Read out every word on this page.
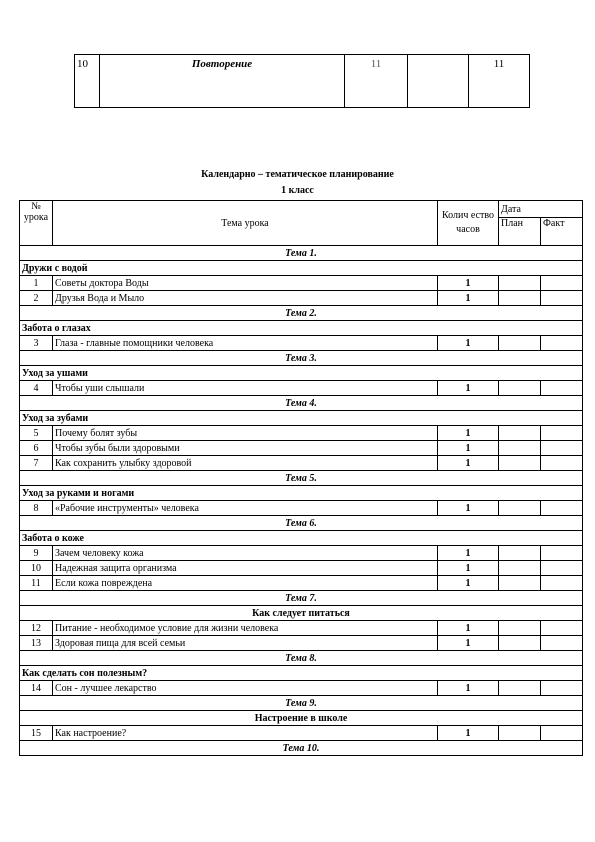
10	Повторение	11		11
Календарно – тематическое планирование
1 класс
№ урока	Тема урока	Колич ество часов	Дата	
			План	Факт
Тема 1.				
Дружи с водой				
1	Советы доктора Воды	1		
2	Друзья Вода и Мыло	1		
Тема 2.				
Забота о глазах				
3	Глаза - главные помощники человека	1		
Тема 3.				
Уход за ушами				
4	Чтобы уши слышали	1		
Тема 4.				
Уход за зубами				
5	Почему болят зубы	1		
6	Чтобы зубы были здоровыми	1		
7	Как сохранить улыбку здоровой	1		
Тема 5.				
Уход за руками и ногами				
8	«Рабочие инструменты» человека	1		
Тема 6.				
Забота о коже				
9	Зачем человеку кожа	1		
10	Надежная защита организма	1		
11	Если кожа повреждена	1		
Тема 7.				
Как следует питаться				
12	Питание - необходимое условие для жизни человека	1		
13	Здоровая пища для всей семьи	1		
Тема 8.				
Как сделать сон полезным?				
14	Сон - лучшее лекарство	1		
Тема 9.				
Настроение в школе				
15	Как настроение?	1		
Тема 10.				
